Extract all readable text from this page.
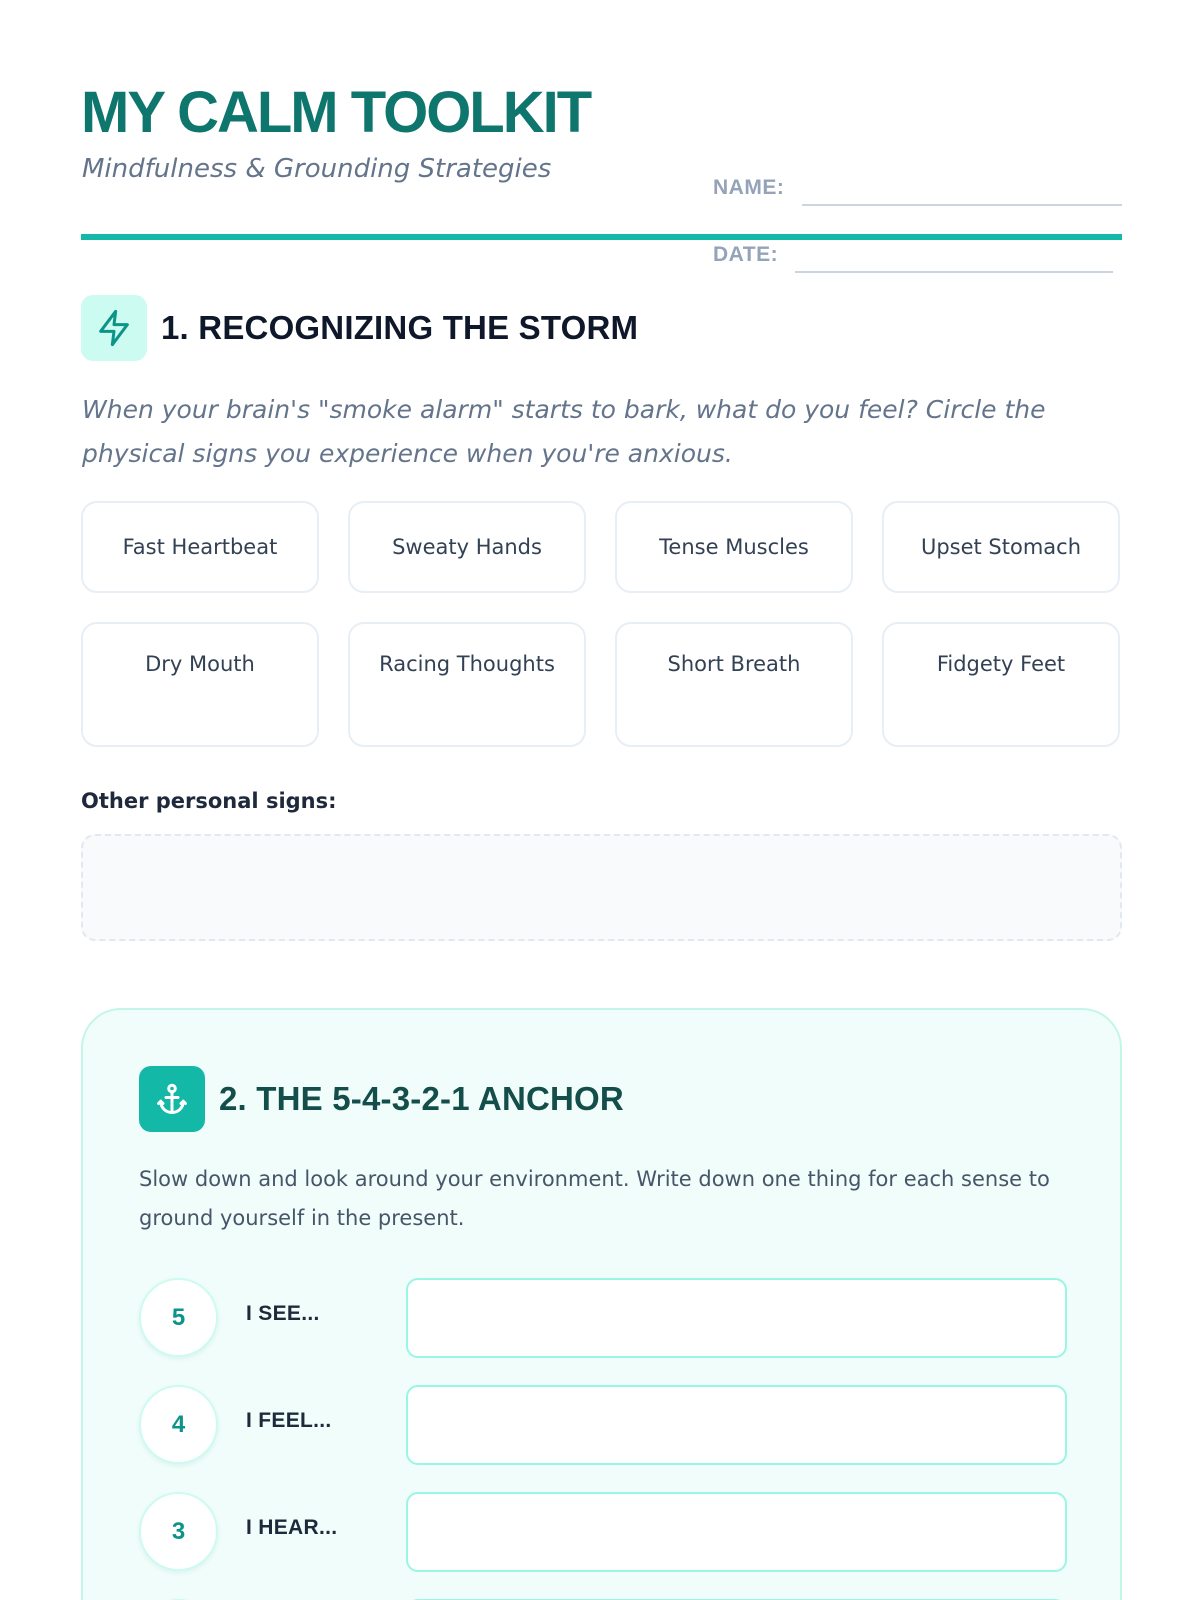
MY CALM TOOLKIT
Mindfulness & Grounding Strategies
NAME:
DATE:
1. RECOGNIZING THE STORM

When your brain's "smoke alarm" starts to bark, what do you feel? Circle the physical signs you experience when you're anxious.

Fast Heartbeat	Sweaty Hands	Tense Muscles	Upset Stomach
Dry Mouth	Racing Thoughts	Short Breath	Fidgety Feet
Other personal signs:
2. THE 5-4-3-2-1 ANCHOR

Slow down and look around your environment. Write down one thing for each sense to ground yourself in the present.

5	I SEE...
4	I FEEL...
3	I HEAR...
